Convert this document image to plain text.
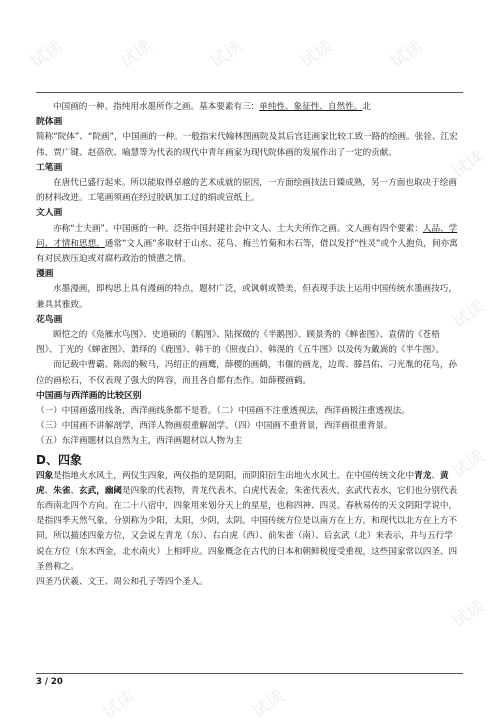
试读	试读	试读	试读	试读
试读
试读
试读
试读
试读	试读

中国画的一种。指纯用水墨所作之画。基本要素有三：单纯性、象征性、自然性。北

院体画

简称“院体”、“院画”，中国画的一种。一般指宋代翰林图画院及其后宫廷画家比较工致一路的绘画。张铨、江宏伟、贾广键、赵蓓欣、喻慧等为代表的现代中青年画家为现代院体画的发展作出了一定的贡献。

工笔画

在唐代已盛行起来。所以能取得卓越的艺术成就的原因，一方面绘画技法日臻成熟，另一方面也取决于绘画的材料改进。工笔画须画在经过胶矾加工过的绢或宣纸上。

文人画

亦称“士夫画”。中国画的一种。泛指中国封建社会中文人、士大夫所作之画。文人画有四个要素：人品、学问、才情和思想。通常“文人画”多取材于山水、花鸟、梅兰竹菊和木石等，借以发抒“性灵”或个人抱负，间亦寓有对民族压迫或对腐朽政治的愤懑之情。

漫画

水墨漫画，即构思上具有漫画的特点，题材广泛，或讽刺或赞美，但表现手法上运用中国传统水墨画技巧，兼具其雅致。

花鸟画

顾恺之的《凫雁水鸟图》、史道硕的《鹅图》、陆探微的《半鹅图》、顾景秀的《蝉雀图》、袁倩的《苍梧图》、丁光的《蝉雀图》、萧绎的《鹿图》、韩干的《照夜白》、韩滉的《五牛图》以及传为戴嵩的《半牛图》。

而记载中曹霸、陈闳的鞍马，冯绍正的画鹰，薛稷的画鹤，韦偃的画龙，边鸾、滕昌佑、刁光胤的花鸟，孙位的画松石，不仅表现了强大的阵容，而且各自都有杰作。如薛稷画鹤。

中国画与西洋画的比较区别

（一）中国画盛用线条，西洋画线条都不是看。（二）中国画不注重透视法，西洋画极注重透视法。

（三）中国画不讲解剖学，西洋人物画很重解剖学。（四）中国画不重背景，西洋画很重背景。

（五）东洋画题材以自然为主，西洋画题材以人物为主

D、四象

四象是指地火水风土，两仪生四象，两仪指的是阴阳，而阴阳衍生出地火水风土。在中国传统文化中青龙、黄虎、朱雀、玄武，幽阈是四象的代表物，青龙代表木，白虎代表金，朱雀代表火，玄武代表水，它们也分别代表东西南北四个方向。在二十八宿中，四象用来划分天上的星星，也称四神、四灵。春秋易传的天文阴阳学说中，是指四季天然气象，分别称为少阳，太阳，少阴，太阴。中国传统方位是以南方在上方，和现代以北方在上方不同，所以描述四象方位，又会说左青龙（东）、右白虎（西）、前朱雀（南）、后玄武（北）来表示，并与五行学说在方位（东木西金，北水南火）上相呼应。四象概念在古代的日本和朝鲜极度受重视，这些国家常以四圣、四圣兽称之。

四圣乃伏羲、文王、周公和孔子等四个圣人。

3 / 20
